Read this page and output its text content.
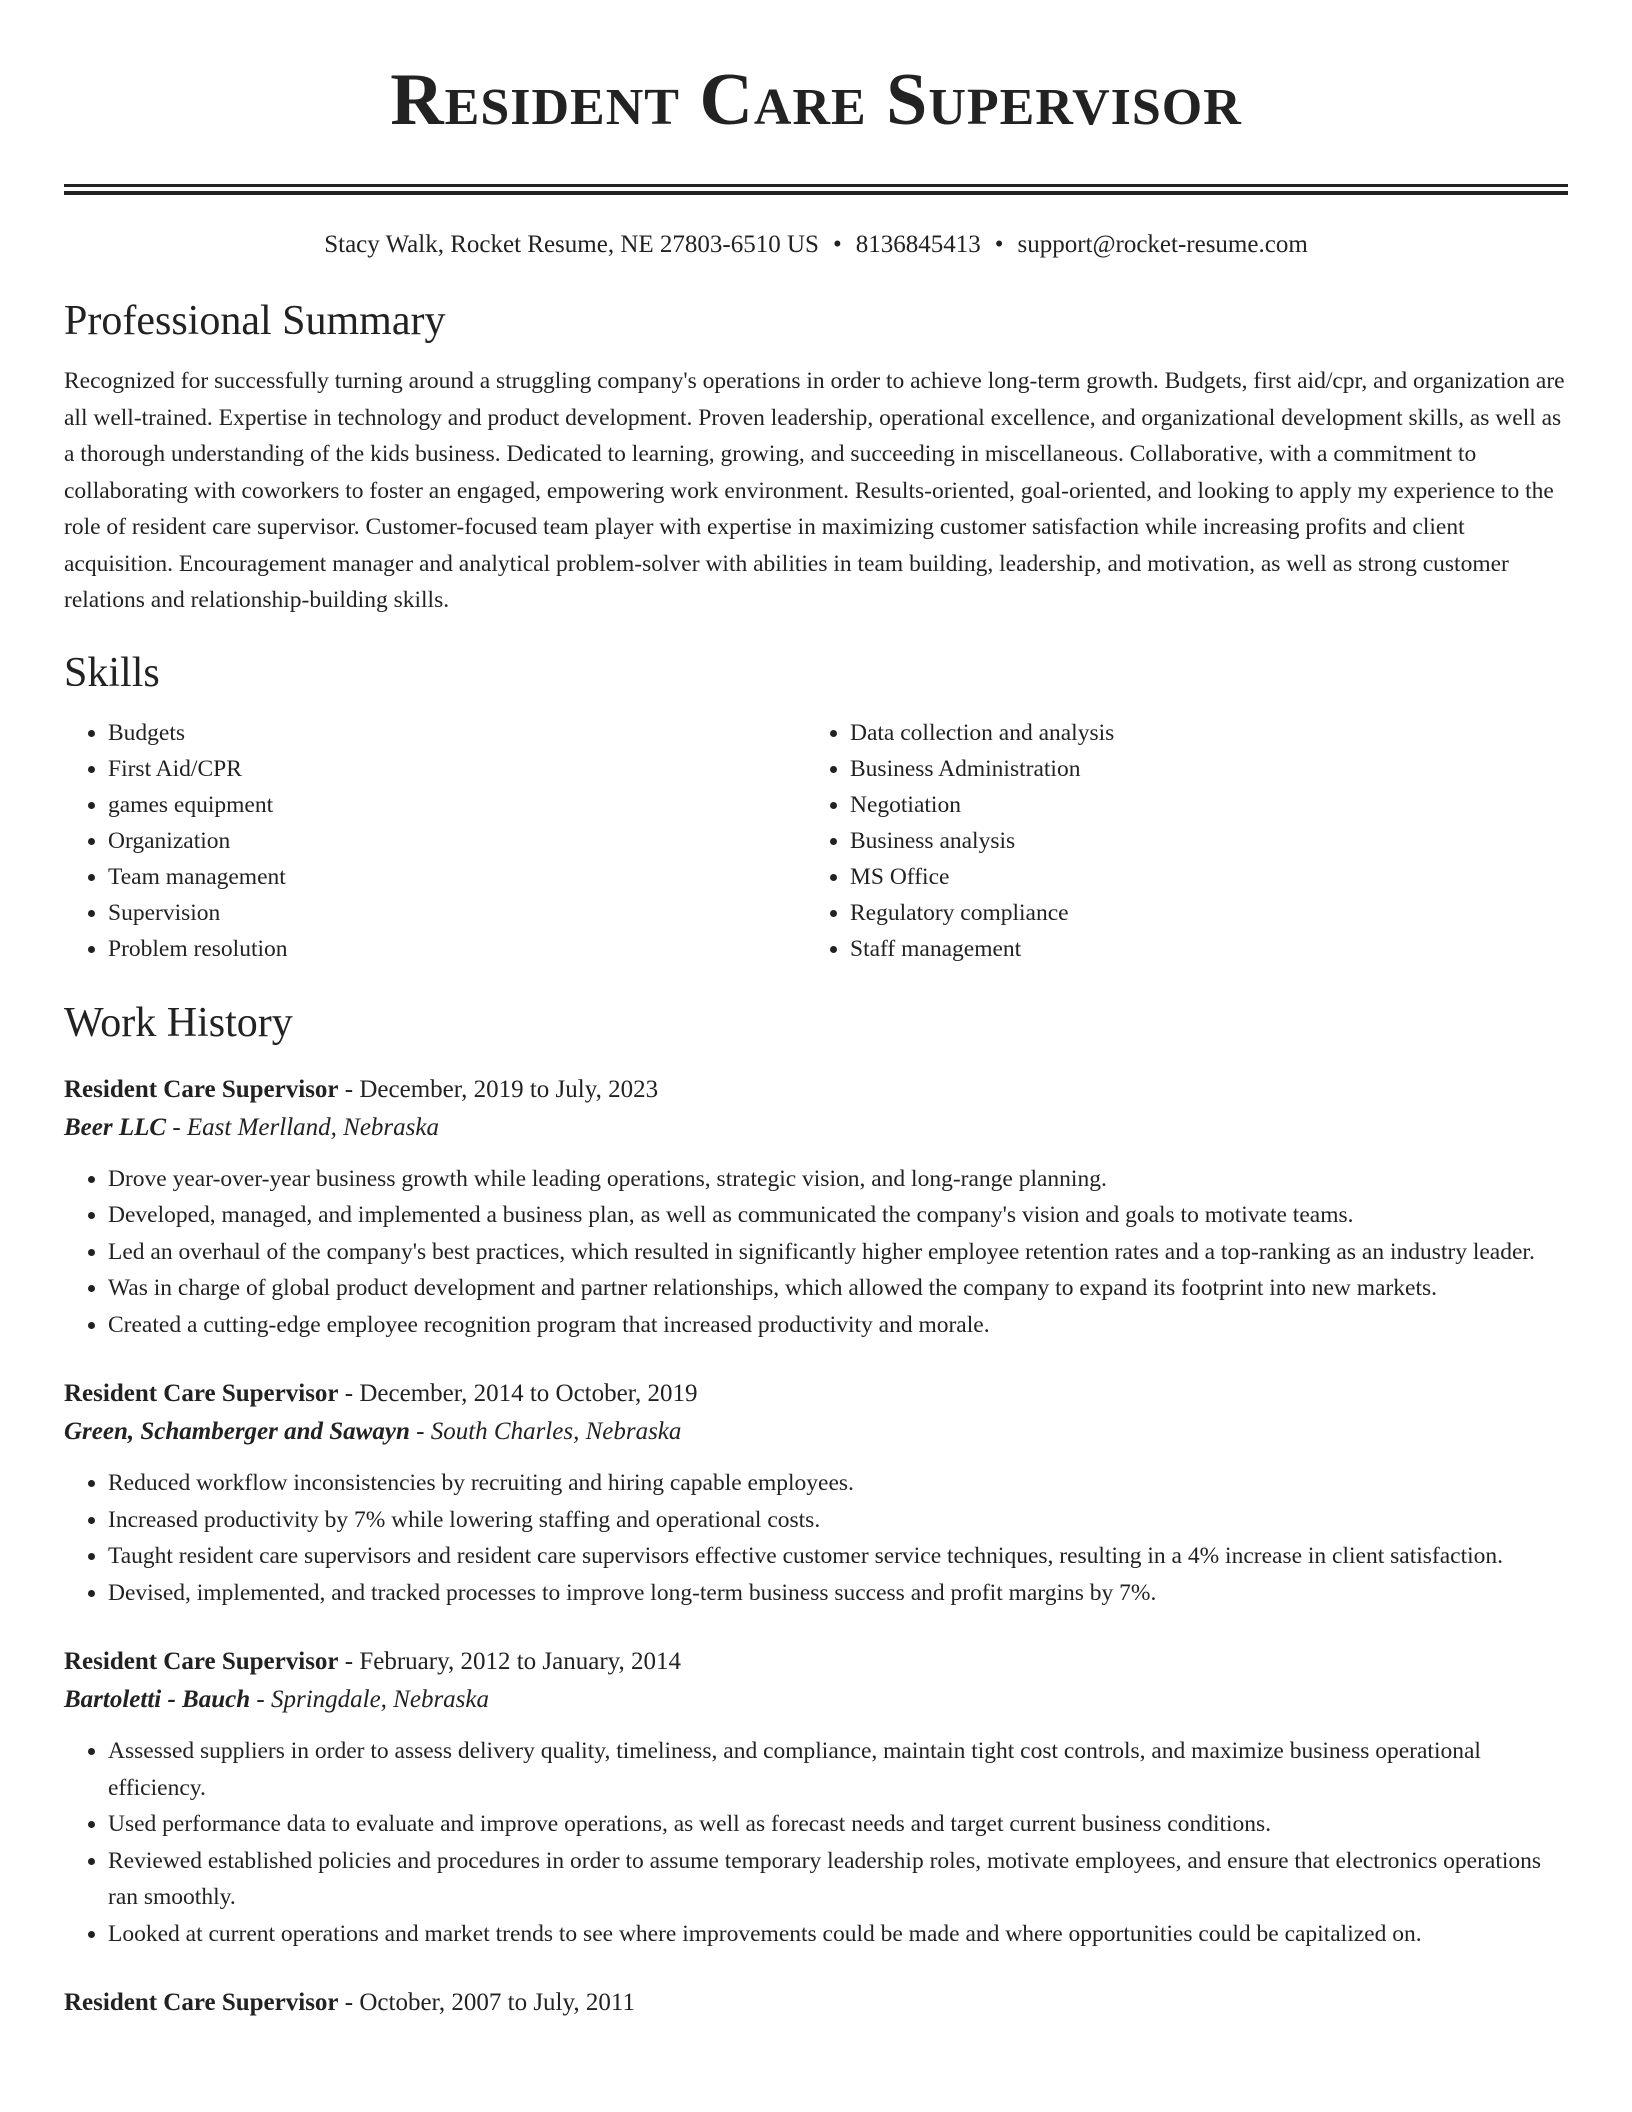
Resident Care Supervisor
Stacy Walk, Rocket Resume, NE 27803-6510 US • 8136845413 • support@rocket-resume.com
Professional Summary

Recognized for successfully turning around a struggling company's operations in order to achieve long-term growth. Budgets, first aid/cpr, and organization are all well-trained. Expertise in technology and product development. Proven leadership, operational excellence, and organizational development skills, as well as a thorough understanding of the kids business. Dedicated to learning, growing, and succeeding in miscellaneous. Collaborative, with a commitment to collaborating with coworkers to foster an engaged, empowering work environment. Results-oriented, goal-oriented, and looking to apply my experience to the role of resident care supervisor. Customer-focused team player with expertise in maximizing customer satisfaction while increasing profits and client acquisition. Encouragement manager and analytical problem-solver with abilities in team building, leadership, and motivation, as well as strong customer relations and relationship-building skills.

Skills
• Budgets
• First Aid/CPR
• games equipment
• Organization
• Team management
• Supervision
• Problem resolution
• Data collection and analysis
• Business Administration
• Negotiation
• Business analysis
• MS Office
• Regulatory compliance
• Staff management
Work History
Resident Care Supervisor - December, 2019 to July, 2023
Beer LLC - East Merlland, Nebraska
• Drove year-over-year business growth while leading operations, strategic vision, and long-range planning.
• Developed, managed, and implemented a business plan, as well as communicated the company's vision and goals to motivate teams.
• Led an overhaul of the company's best practices, which resulted in significantly higher employee retention rates and a top-ranking as an industry leader.
• Was in charge of global product development and partner relationships, which allowed the company to expand its footprint into new markets.
• Created a cutting-edge employee recognition program that increased productivity and morale.
Resident Care Supervisor - December, 2014 to October, 2019
Green, Schamberger and Sawayn - South Charles, Nebraska
• Reduced workflow inconsistencies by recruiting and hiring capable employees.
• Increased productivity by 7% while lowering staffing and operational costs.
• Taught resident care supervisors and resident care supervisors effective customer service techniques, resulting in a 4% increase in client satisfaction.
• Devised, implemented, and tracked processes to improve long-term business success and profit margins by 7%.
Resident Care Supervisor - February, 2012 to January, 2014
Bartoletti - Bauch - Springdale, Nebraska
• Assessed suppliers in order to assess delivery quality, timeliness, and compliance, maintain tight cost controls, and maximize business operational efficiency.
• Used performance data to evaluate and improve operations, as well as forecast needs and target current business conditions.
• Reviewed established policies and procedures in order to assume temporary leadership roles, motivate employees, and ensure that electronics operations ran smoothly.
• Looked at current operations and market trends to see where improvements could be made and where opportunities could be capitalized on.
Resident Care Supervisor - October, 2007 to July, 2011
